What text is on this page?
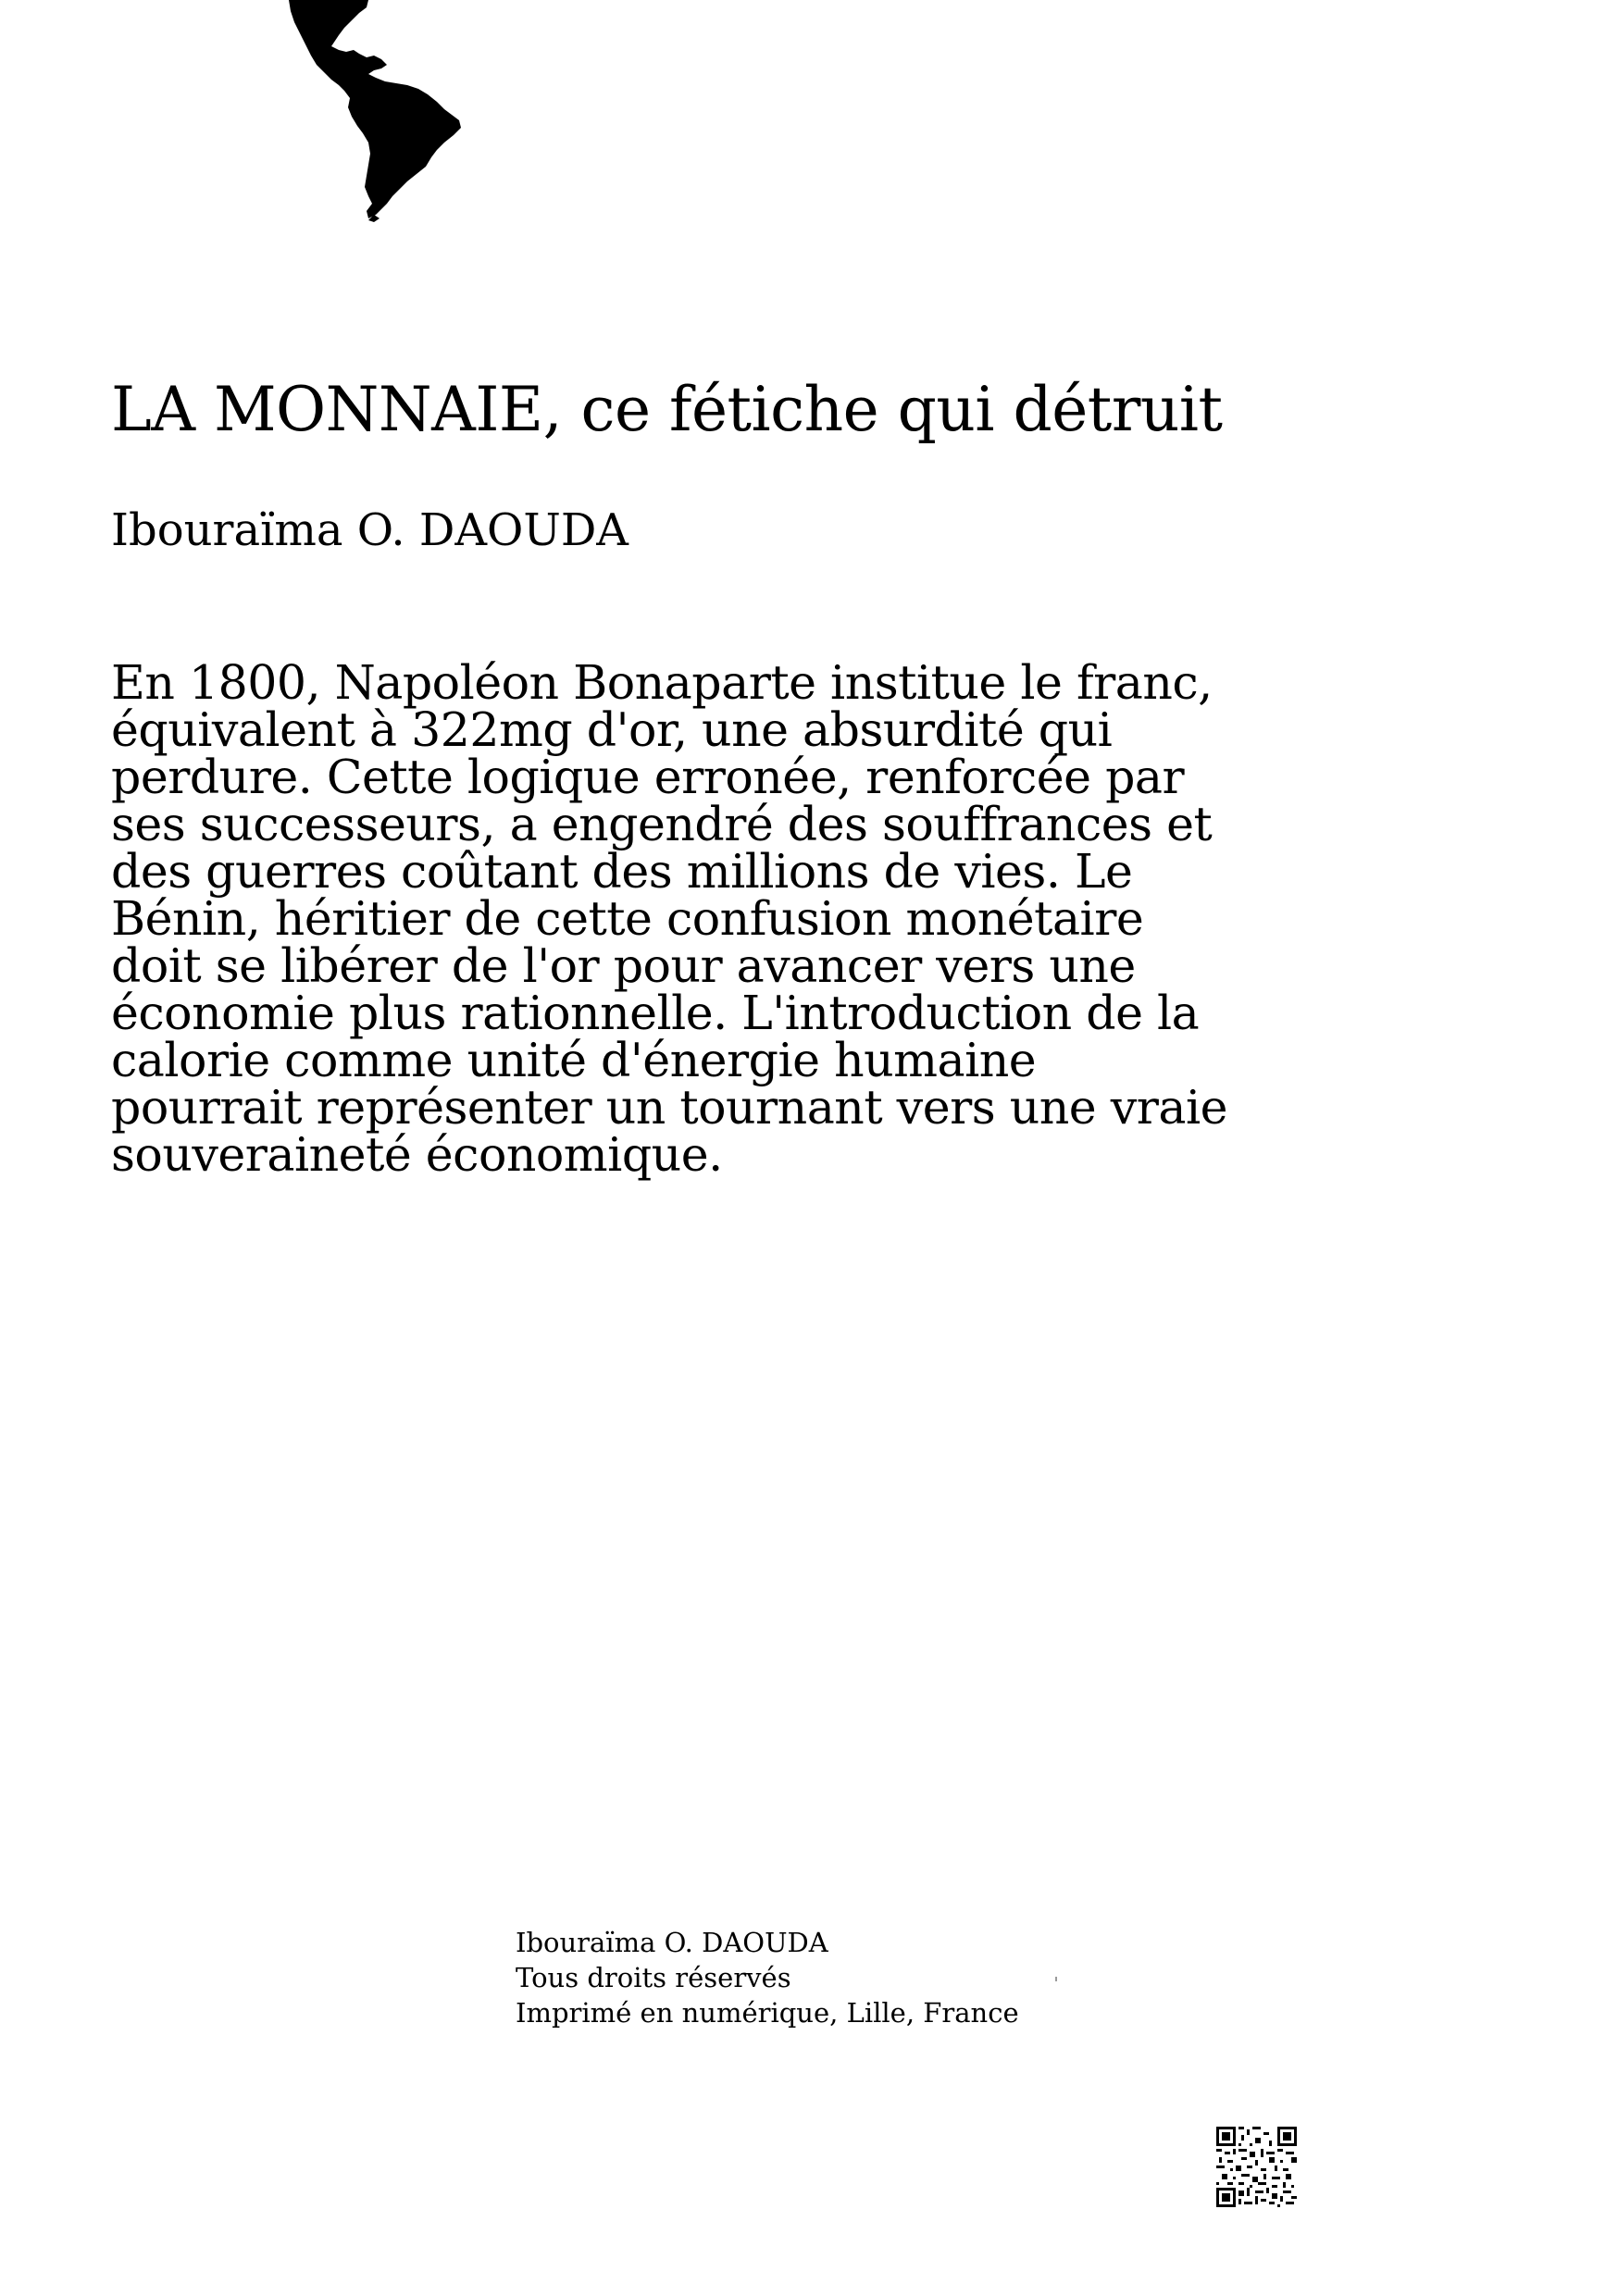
LA MONNAIE, ce fétiche qui détruit
Ibouraïma O. DAOUDA

En 1800, Napoléon Bonaparte institue le franc, équivalent à 322mg d'or, une absurdité qui perdure. Cette logique erronée, renforcée par ses successeurs, a engendré des souffrances et des guerres coûtant des millions de vies. Le Bénin, héritier de cette confusion monétaire doit se libérer de l'or pour avancer vers une économie plus rationnelle. L'introduction de la calorie comme unité d'énergie humaine pourrait représenter un tournant vers une vraie souveraineté économique.

Ibouraïma O. DAOUDA
Tous droits réservés
Imprimé en numérique, Lille, France
